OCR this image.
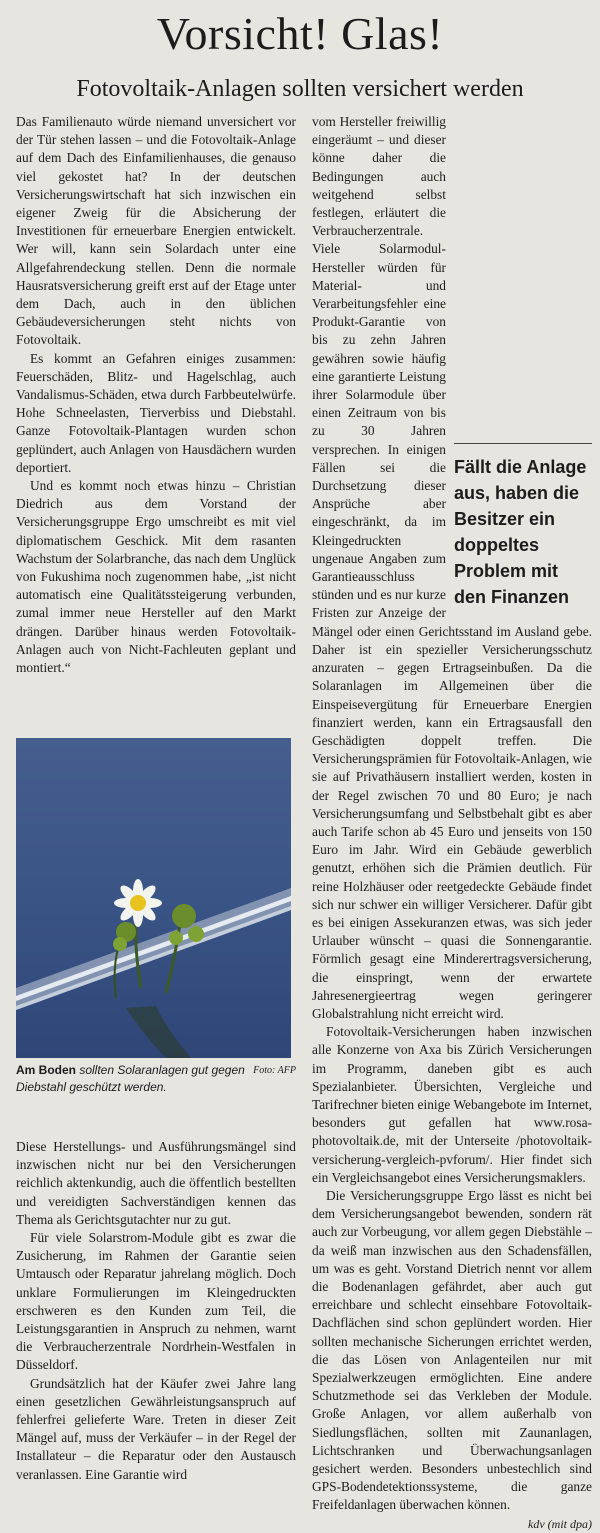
Vorsicht! Glas!
Fotovoltaik-Anlagen sollten versichert werden

Das Familienauto würde niemand unversichert vor der Tür stehen lassen – und die Fotovoltaik-Anlage auf dem Dach des Einfamilienhauses, die genauso viel gekostet hat? In der deutschen Versicherungswirtschaft hat sich inzwischen ein eigener Zweig für die Absicherung der Investitionen für erneuerbare Energien entwickelt. Wer will, kann sein Solardach unter eine Allgefahrendeckung stellen. Denn die normale Hausratsversicherung greift erst auf der Etage unter dem Dach, auch in den üblichen Gebäudeversicherungen steht nichts von Fotovoltaik.

Es kommt an Gefahren einiges zusammen: Feuerschäden, Blitz- und Hagelschlag, auch Vandalismus-Schäden, etwa durch Farbbeutelwürfe. Hohe Schneelasten, Tierverbiss und Diebstahl. Ganze Fotovoltaik-Plantagen wurden schon geplündert, auch Anlagen von Hausdächern wurden deportiert.

Und es kommt noch etwas hinzu – Christian Diedrich aus dem Vorstand der Versicherungsgruppe Ergo umschreibt es mit viel diplomatischem Geschick. Mit dem rasanten Wachstum der Solarbranche, das nach dem Unglück von Fukushima noch zugenommen habe, „ist nicht automatisch eine Qualitätssteigerung verbunden, zumal immer neue Hersteller auf den Markt drängen. Darüber hinaus werden Fotovoltaik-Anlagen auch von Nicht-Fachleuten geplant und montiert.“

Fällt die Anlage aus, haben die Besitzer ein doppeltes Problem mit den Finanzen

vom Hersteller freiwillig eingeräumt – und dieser könne daher die Bedingungen auch weitgehend selbst festlegen, erläutert die Verbraucherzentrale. Viele Solarmodul-Hersteller würden für Material- und Verarbeitungsfehler eine Produkt-Garantie von bis zu zehn Jahren gewähren sowie häufig eine garantierte Leistung ihrer Solarmodule über einen Zeitraum von bis zu 30 Jahren versprechen. In einigen Fällen sei die Durchsetzung dieser Ansprüche aber eingeschränkt, da im Kleingedruckten ungenaue Angaben zum Garantieausschluss stünden und es nur kurze Fristen zur Anzeige der Mängel oder einen Gerichtsstand im Ausland gebe. Daher ist ein spezieller Versicherungsschutz anzuraten – gegen Ertragseinbußen. Da die Solaranlagen im Allgemeinen über die Einspeisevergütung für Erneuerbare Energien finanziert werden, kann ein Ertragsausfall den Geschädigten doppelt treffen. Die Versicherungsprämien für Fotovoltaik-Anlagen, wie sie auf Privathäusern installiert werden, kosten in der Regel zwischen 70 und 80 Euro; je nach Versicherungsumfang und Selbstbehalt gibt es aber auch Tarife schon ab 45 Euro und jenseits von 150 Euro im Jahr. Wird ein Gebäude gewerblich genutzt, erhöhen sich die Prämien deutlich. Für reine Holzhäuser oder reetgedeckte Gebäude findet sich nur schwer ein williger Versicherer. Dafür gibt es bei einigen Assekuranzen etwas, was sich jeder Urlauber wünscht – quasi die Sonnengarantie. Förmlich gesagt eine Minderertragsversicherung, die einspringt, wenn der erwartete Jahresenergieertrag wegen geringerer Globalstrahlung nicht erreicht wird.

Fotovoltaik-Versicherungen haben inzwischen alle Konzerne von Axa bis Zürich Versicherungen im Programm, daneben gibt es auch Spezialanbieter. Übersichten, Vergleiche und Tarifrechner bieten einige Webangebote im Internet, besonders gut gefallen hat www.rosa-photovoltaik.de, mit der Unterseite /photovoltaik-versicherung-vergleich-pvforum/. Hier findet sich ein Vergleichsangebot eines Versicherungsmaklers.

Die Versicherungsgruppe Ergo lässt es nicht bei dem Versicherungsangebot bewenden, sondern rät auch zur Vorbeugung, vor allem gegen Diebstähle – da weiß man inzwischen aus den Schadensfällen, um was es geht. Vorstand Dietrich nennt vor allem die Bodenanlagen gefährdet, aber auch gut erreichbare und schlecht einsehbare Fotovoltaik-Dachflächen sind schon geplündert worden. Hier sollten mechanische Sicherungen errichtet werden, die das Lösen von Anlagenteilen nur mit Spezialwerkzeugen ermöglichten. Eine andere Schutzmethode sei das Verkleben der Module. Große Anlagen, vor allem außerhalb von Siedlungsflächen, sollten mit Zaunanlagen, Lichtschranken und Überwachungsanlagen gesichert werden. Besonders unbestechlich sind GPS-Bodendetektionssysteme, die ganze Freifeldanlagen überwachen können.

kdv (mit dpa)
Foto: AFP
Am Boden sollten Solaranlagen gut gegen Diebstahl geschützt werden.

Diese Herstellungs- und Ausführungsmängel sind inzwischen nicht nur bei den Versicherungen reichlich aktenkundig, auch die öffentlich bestellten und vereidigten Sachverständigen kennen das Thema als Gerichtsgutachter nur zu gut.

Für viele Solarstrom-Module gibt es zwar die Zusicherung, im Rahmen der Garantie seien Umtausch oder Reparatur jahrelang möglich. Doch unklare Formulierungen im Kleingedruckten erschweren es den Kunden zum Teil, die Leistungsgarantien in Anspruch zu nehmen, warnt die Verbraucherzentrale Nordrhein-Westfalen in Düsseldorf.

Grundsätzlich hat der Käufer zwei Jahre lang einen gesetzlichen Gewährleistungsanspruch auf fehlerfrei gelieferte Ware. Treten in dieser Zeit Mängel auf, muss der Verkäufer – in der Regel der Installateur – die Reparatur oder den Austausch veranlassen. Eine Garantie wird
